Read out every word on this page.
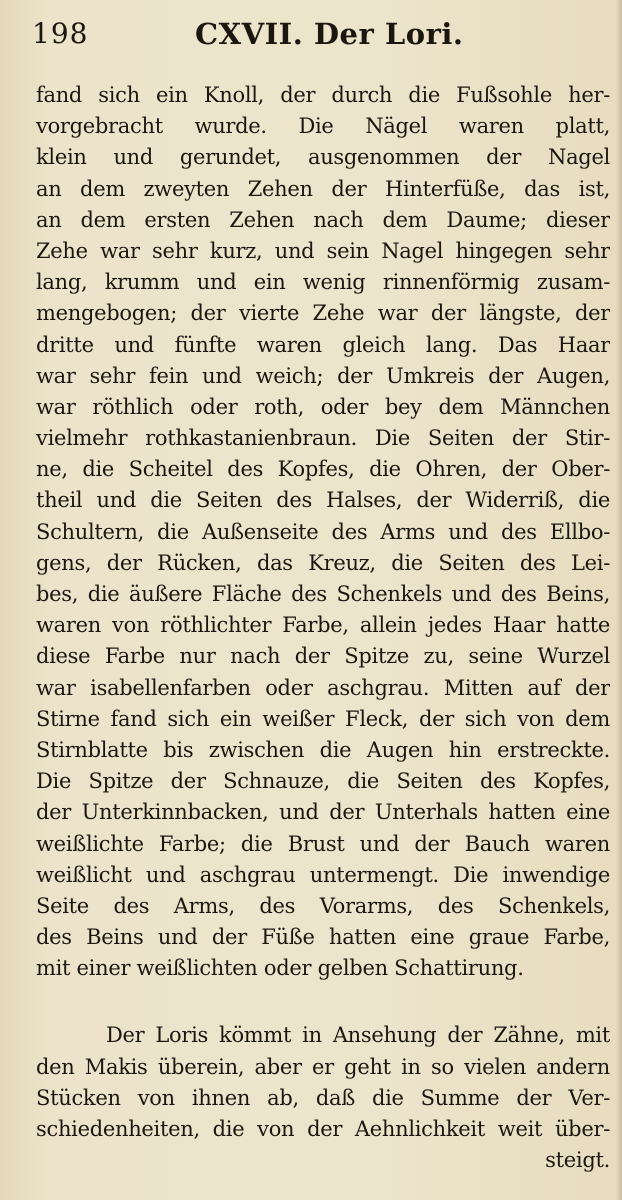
198	CXVII. Der Lori.
fand sich ein Knoll, der durch die Fußsohle her-
vorgebracht wurde. Die Nägel waren platt,
klein und gerundet, ausgenommen der Nagel
an dem zweyten Zehen der Hinterfüße, das ist,
an dem ersten Zehen nach dem Daume; dieser
Zehe war sehr kurz, und sein Nagel hingegen sehr
lang, krumm und ein wenig rinnenförmig zusam-
mengebogen; der vierte Zehe war der längste, der
dritte und fünfte waren gleich lang. Das Haar
war sehr fein und weich; der Umkreis der Augen,
war röthlich oder roth, oder bey dem Männchen
vielmehr rothkastanienbraun. Die Seiten der Stir-
ne, die Scheitel des Kopfes, die Ohren, der Ober-
theil und die Seiten des Halses, der Widerriß, die
Schultern, die Außenseite des Arms und des Ellbo-
gens, der Rücken, das Kreuz, die Seiten des Lei-
bes, die äußere Fläche des Schenkels und des Beins,
waren von röthlichter Farbe, allein jedes Haar hatte
diese Farbe nur nach der Spitze zu, seine Wurzel
war isabellenfarben oder aschgrau. Mitten auf der
Stirne fand sich ein weißer Fleck, der sich von dem
Stirnblatte bis zwischen die Augen hin erstreckte.
Die Spitze der Schnauze, die Seiten des Kopfes,
der Unterkinnbacken, und der Unterhals hatten eine
weißlichte Farbe; die Brust und der Bauch waren
weißlicht und aschgrau untermengt. Die inwendige
Seite des Arms, des Vorarms, des Schenkels,
des Beins und der Füße hatten eine graue Farbe,
mit einer weißlichten oder gelben Schattirung.
Der Loris kömmt in Ansehung der Zähne, mit
den Makis überein, aber er geht in so vielen andern
Stücken von ihnen ab, daß die Summe der Ver-
schiedenheiten, die von der Aehnlichkeit weit über-
steigt.
